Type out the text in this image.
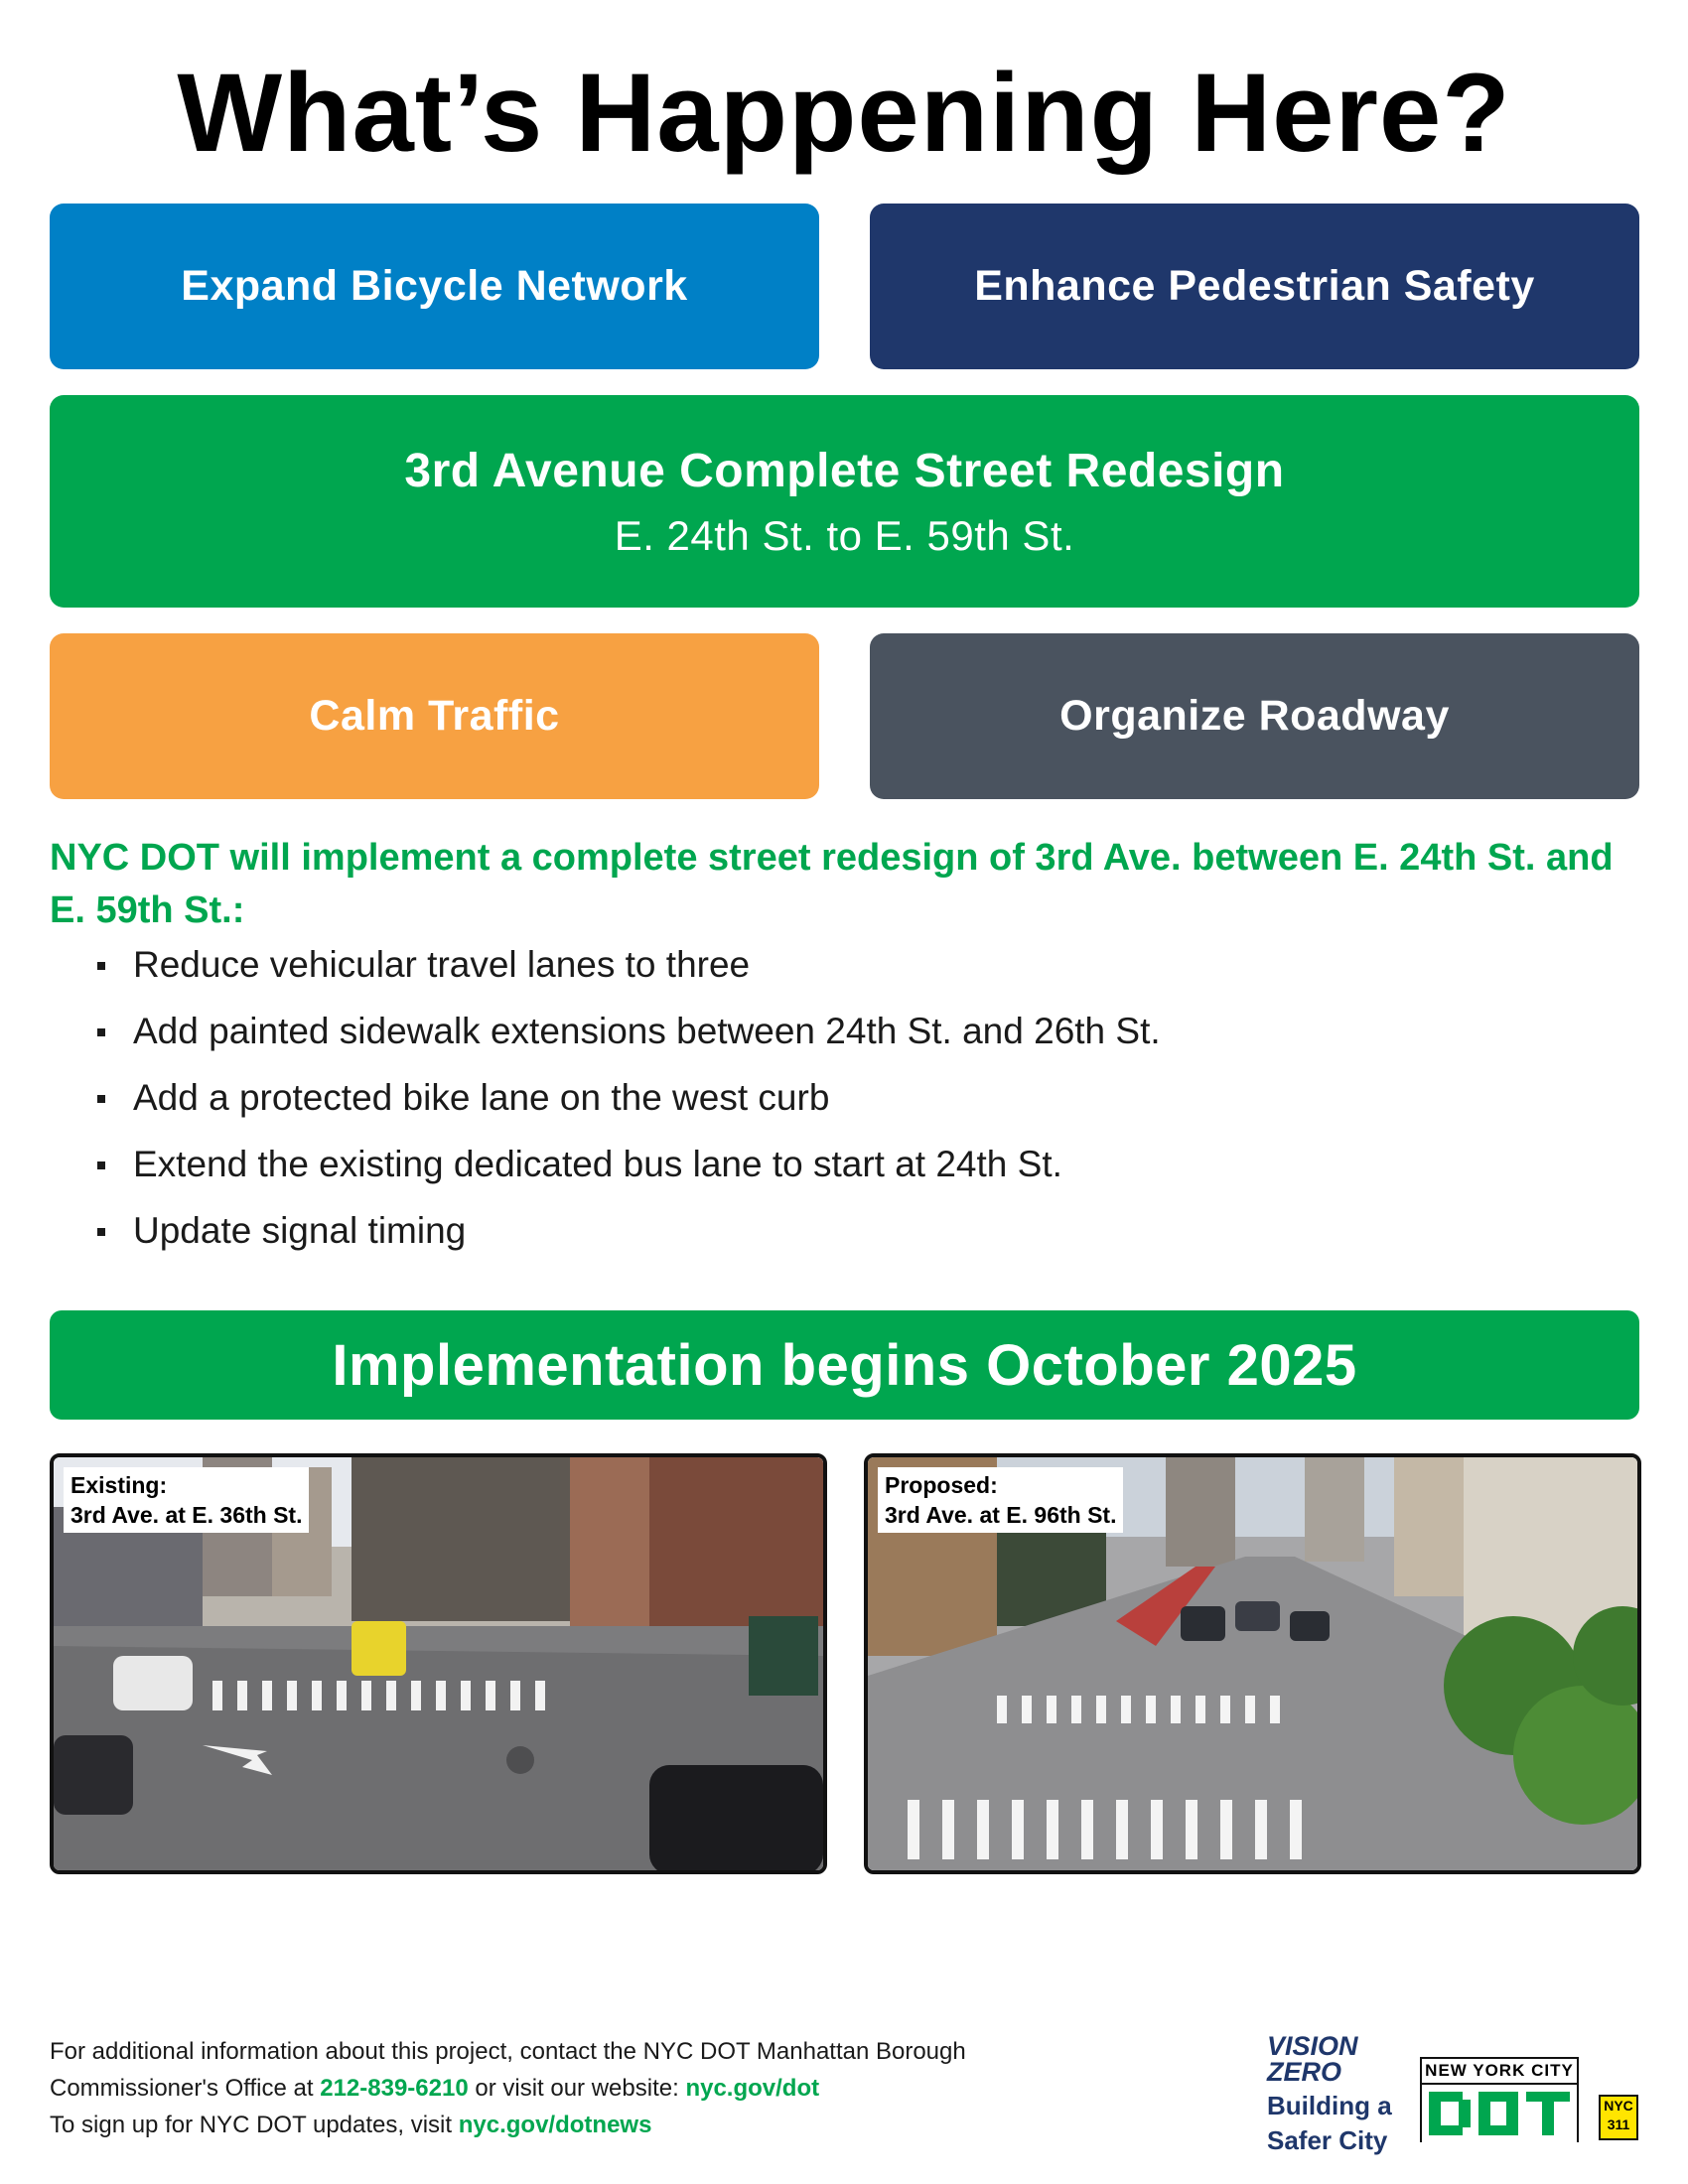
What’s Happening Here?
Expand Bicycle Network	Enhance Pedestrian Safety
3rd Avenue Complete Street Redesign
E. 24th St. to E. 59th St.
Calm Traffic	Organize Roadway
NYC DOT will implement a complete street redesign of 3rd Ave. between E. 24th St. and E. 59th St.:
Reduce vehicular travel lanes to three
Add painted sidewalk extensions between 24th St. and 26th St.
Add a protected bike lane on the west curb
Extend the existing dedicated bus lane to start at 24th St.
Update signal timing
Implementation begins October 2025
Existing:
3rd Ave. at E. 36th St.
Proposed:
3rd Ave. at E. 96th St.
For additional information about this project, contact the NYC DOT Manhattan Borough
Commissioner's Office at 212-839-6210 or visit our website: nyc.gov/dot
To sign up for NYC DOT updates, visit nyc.gov/dotnews
VISION
ZERO
Building a
Safer City
NEW YORK CITY
NYC
311
